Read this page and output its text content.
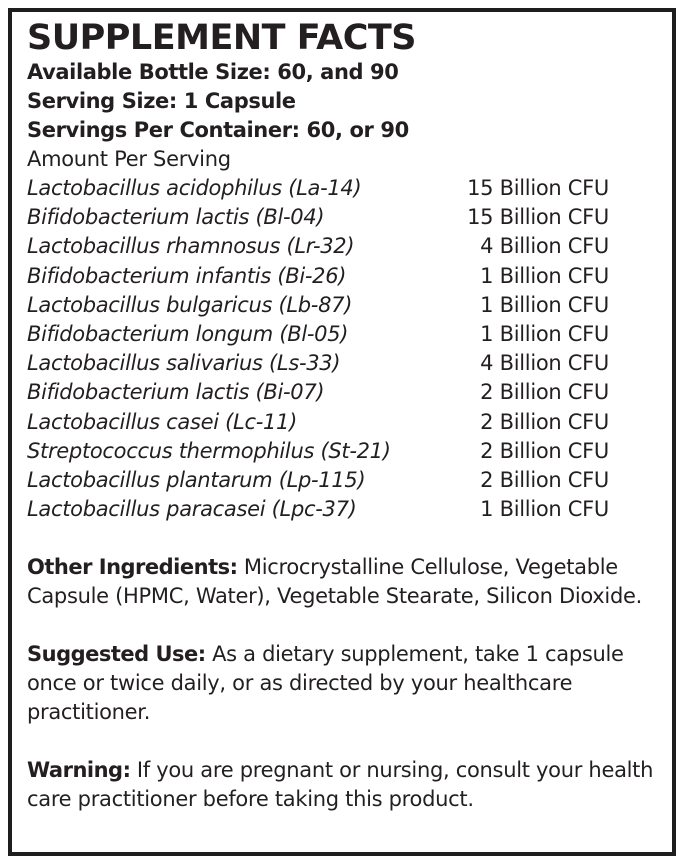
SUPPLEMENT FACTS

Available Bottle Size: 60, and 90

Serving Size: 1 Capsule

Servings Per Container: 60, or 90

Amount Per Serving

Lactobacillus acidophilus (La-14)	15 Billion CFU
Bifidobacterium lactis (Bl-04)	15 Billion CFU
Lactobacillus rhamnosus (Lr-32)	4 Billion CFU
Bifidobacterium infantis (Bi-26)	1 Billion CFU
Lactobacillus bulgaricus (Lb-87)	1 Billion CFU
Bifidobacterium longum (Bl-05)	1 Billion CFU
Lactobacillus salivarius (Ls-33)	4 Billion CFU
Bifidobacterium lactis (Bi-07)	2 Billion CFU
Lactobacillus casei (Lc-11)	2 Billion CFU
Streptococcus thermophilus (St-21)	2 Billion CFU
Lactobacillus plantarum (Lp-115)	2 Billion CFU
Lactobacillus paracasei (Lpc-37)	1 Billion CFU

Other Ingredients: Microcrystalline Cellulose, Vegetable Capsule (HPMC, Water), Vegetable Stearate, Silicon Dioxide.

Suggested Use: As a dietary supplement, take 1 capsule once or twice daily, or as directed by your healthcare practitioner.

Warning: If you are pregnant or nursing, consult your health care practitioner before taking this product.
